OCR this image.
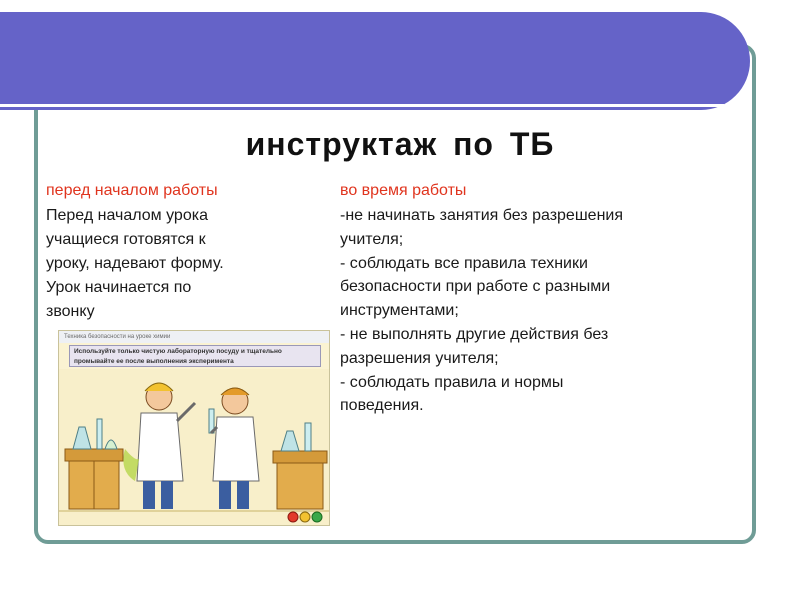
инструктаж по ТБ
перед началом работы
Перед началом урока
учащиеся готовятся к
уроку, надевают форму.
Урок начинается по
звонку
во время работы
-не начинать занятия без разрешения
учителя;
- соблюдать все правила техники
безопасности при работе с разными
инструментами;
- не выполнять другие действия без
разрешения учителя;
- соблюдать правила и нормы
поведения.
Техника безопасности на уроке химии
Используйте только чистую лабораторную посуду и тщательно промывайте ее после выполнения эксперимента
